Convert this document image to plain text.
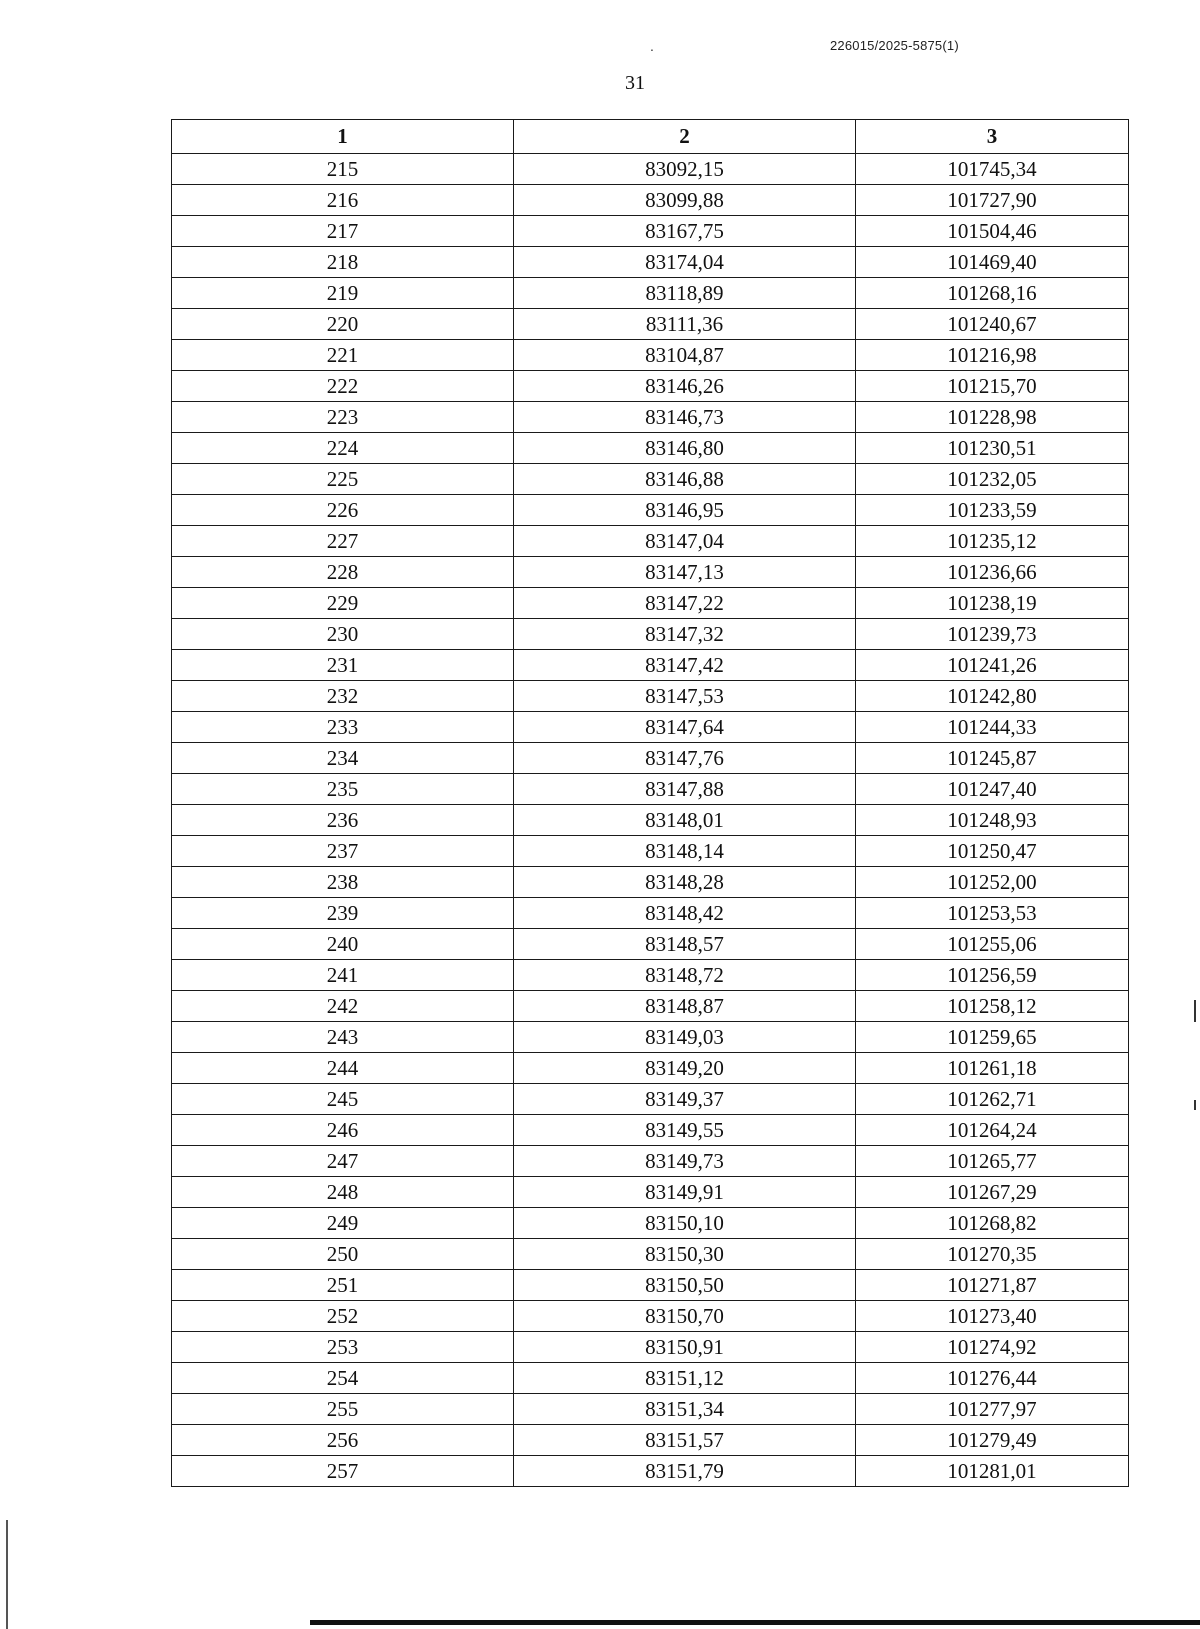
.	226015/2025-5875(1)
31
1	2	3
215	83092,15	101745,34
216	83099,88	101727,90
217	83167,75	101504,46
218	83174,04	101469,40
219	83118,89	101268,16
220	83111,36	101240,67
221	83104,87	101216,98
222	83146,26	101215,70
223	83146,73	101228,98
224	83146,80	101230,51
225	83146,88	101232,05
226	83146,95	101233,59
227	83147,04	101235,12
228	83147,13	101236,66
229	83147,22	101238,19
230	83147,32	101239,73
231	83147,42	101241,26
232	83147,53	101242,80
233	83147,64	101244,33
234	83147,76	101245,87
235	83147,88	101247,40
236	83148,01	101248,93
237	83148,14	101250,47
238	83148,28	101252,00
239	83148,42	101253,53
240	83148,57	101255,06
241	83148,72	101256,59
242	83148,87	101258,12
243	83149,03	101259,65
244	83149,20	101261,18
245	83149,37	101262,71
246	83149,55	101264,24
247	83149,73	101265,77
248	83149,91	101267,29
249	83150,10	101268,82
250	83150,30	101270,35
251	83150,50	101271,87
252	83150,70	101273,40
253	83150,91	101274,92
254	83151,12	101276,44
255	83151,34	101277,97
256	83151,57	101279,49
257	83151,79	101281,01
